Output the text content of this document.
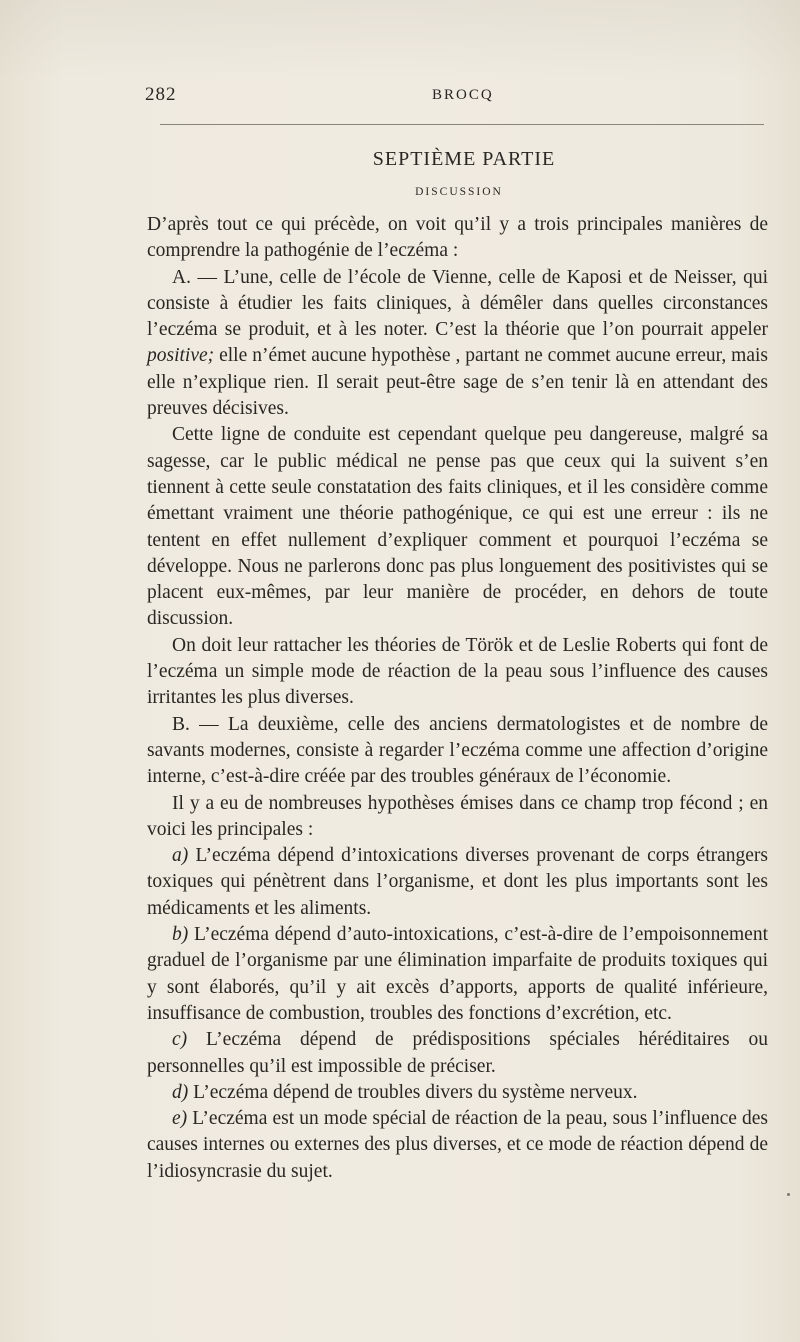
282	BROCQ
SEPTIÈME PARTIE
DISCUSSION

D’après tout ce qui précède, on voit qu’il y a trois principales manières de comprendre la pathogénie de l’eczéma :

A. — L’une, celle de l’école de Vienne, celle de Kaposi et de Neisser, qui consiste à étudier les faits cliniques, à démêler dans quelles circonstances l’eczéma se produit, et à les noter. C’est la théorie que l’on pourrait appeler positive; elle n’émet aucune hypothèse , partant ne commet aucune erreur, mais elle n’explique rien. Il serait peut-être sage de s’en tenir là en attendant des preuves décisives.

Cette ligne de conduite est cependant quelque peu dangereuse, malgré sa sagesse, car le public médical ne pense pas que ceux qui la suivent s’en tiennent à cette seule constatation des faits cliniques, et il les considère comme émettant vraiment une théorie pathogénique, ce qui est une erreur : ils ne tentent en effet nullement d’expliquer comment et pourquoi l’eczéma se développe. Nous ne parlerons donc pas plus longuement des positivistes qui se placent eux-mêmes, par leur manière de procéder, en dehors de toute discussion.

On doit leur rattacher les théories de Török et de Leslie Roberts qui font de l’eczéma un simple mode de réaction de la peau sous l’influence des causes irritantes les plus diverses.

B. — La deuxième, celle des anciens dermatologistes et de nombre de savants modernes, consiste à regarder l’eczéma comme une affection d’origine interne, c’est-à-dire créée par des troubles généraux de l’économie.

Il y a eu de nombreuses hypothèses émises dans ce champ trop fécond ; en voici les principales :

a) L’eczéma dépend d’intoxications diverses provenant de corps étrangers toxiques qui pénètrent dans l’organisme, et dont les plus importants sont les médicaments et les aliments.

b) L’eczéma dépend d’auto-intoxications, c’est-à-dire de l’empoisonnement graduel de l’organisme par une élimination imparfaite de produits toxiques qui y sont élaborés, qu’il y ait excès d’apports, apports de qualité inférieure, insuffisance de combustion, troubles des fonctions d’excrétion, etc.

c) L’eczéma dépend de prédispositions spéciales héréditaires ou personnelles qu’il est impossible de préciser.

d) L’eczéma dépend de troubles divers du système nerveux.

e) L’eczéma est un mode spécial de réaction de la peau, sous l’influence des causes internes ou externes des plus diverses, et ce mode de réaction dépend de l’idiosyncrasie du sujet.
